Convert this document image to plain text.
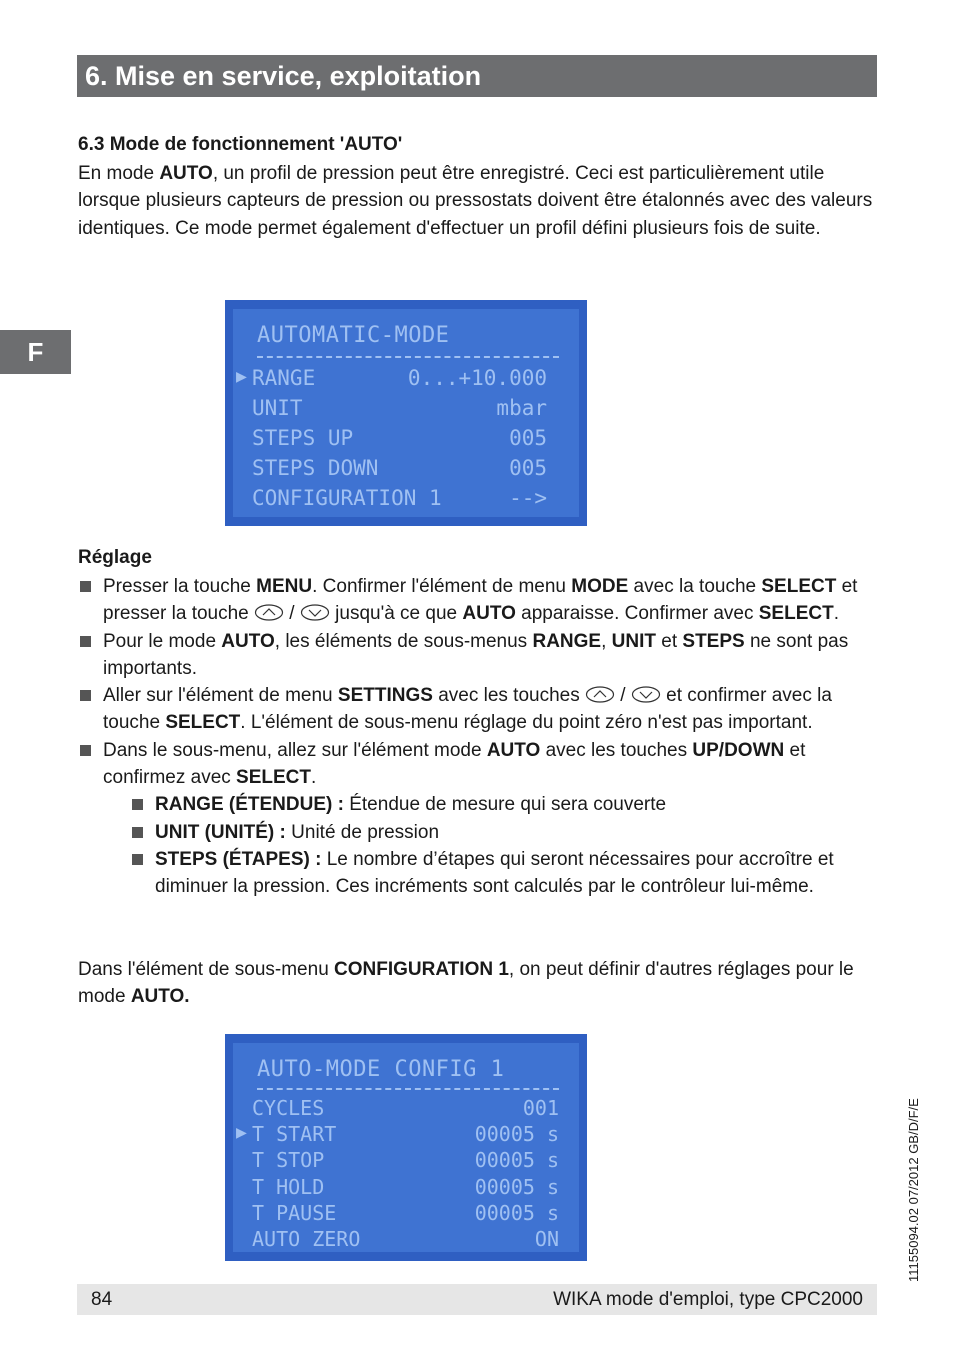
6. Mise en service, exploitation
F
6.3 Mode de fonctionnement 'AUTO'
En mode AUTO, un profil de pression peut être enregistré. Ceci est particulièrement utile lorsque plusieurs capteurs de pression ou pressostats doivent être étalonnés avec des valeurs identiques. Ce mode permet également d'effectuer un profil défini plusieurs fois de suite.
AUTOMATIC-MODE
▶ RANGE	0...+10.000
UNIT	mbar
STEPS UP	005
STEPS DOWN	005
CONFIGURATION 1	-->
Réglage
Presser la touche MENU. Confirmer l'élément de menu MODE avec la touche SELECT et presser la touche  /  jusqu'à ce que AUTO apparaisse. Confirmer avec SELECT.
Pour le mode AUTO, les éléments de sous-menus RANGE, UNIT et STEPS ne sont pas importants.
Aller sur l'élément de menu SETTINGS avec les touches  /  et confirmer avec la touche SELECT. L'élément de sous-menu réglage du point zéro n'est pas important.
Dans le sous-menu, allez sur l'élément mode AUTO avec les touches UP/DOWN et confirmez avec SELECT.
RANGE (ÉTENDUE) : Étendue de mesure qui sera couverte
UNIT (UNITÉ) : Unité de pression
STEPS (ÉTAPES) : Le nombre d’étapes qui seront nécessaires pour accroître et diminuer la pression. Ces incréments sont calculés par le contrôleur lui-même.
Dans l'élément de sous-menu CONFIGURATION 1, on peut définir d'autres réglages pour le mode AUTO.
AUTO-MODE CONFIG 1
CYCLES	001
▶ T START	00005 s
T STOP	00005 s
T HOLD	00005 s
T PAUSE	00005 s
AUTO ZERO	ON	11155094.02 07/2012 GB/D/F/E
84	WIKA mode d'emploi, type CPC2000
